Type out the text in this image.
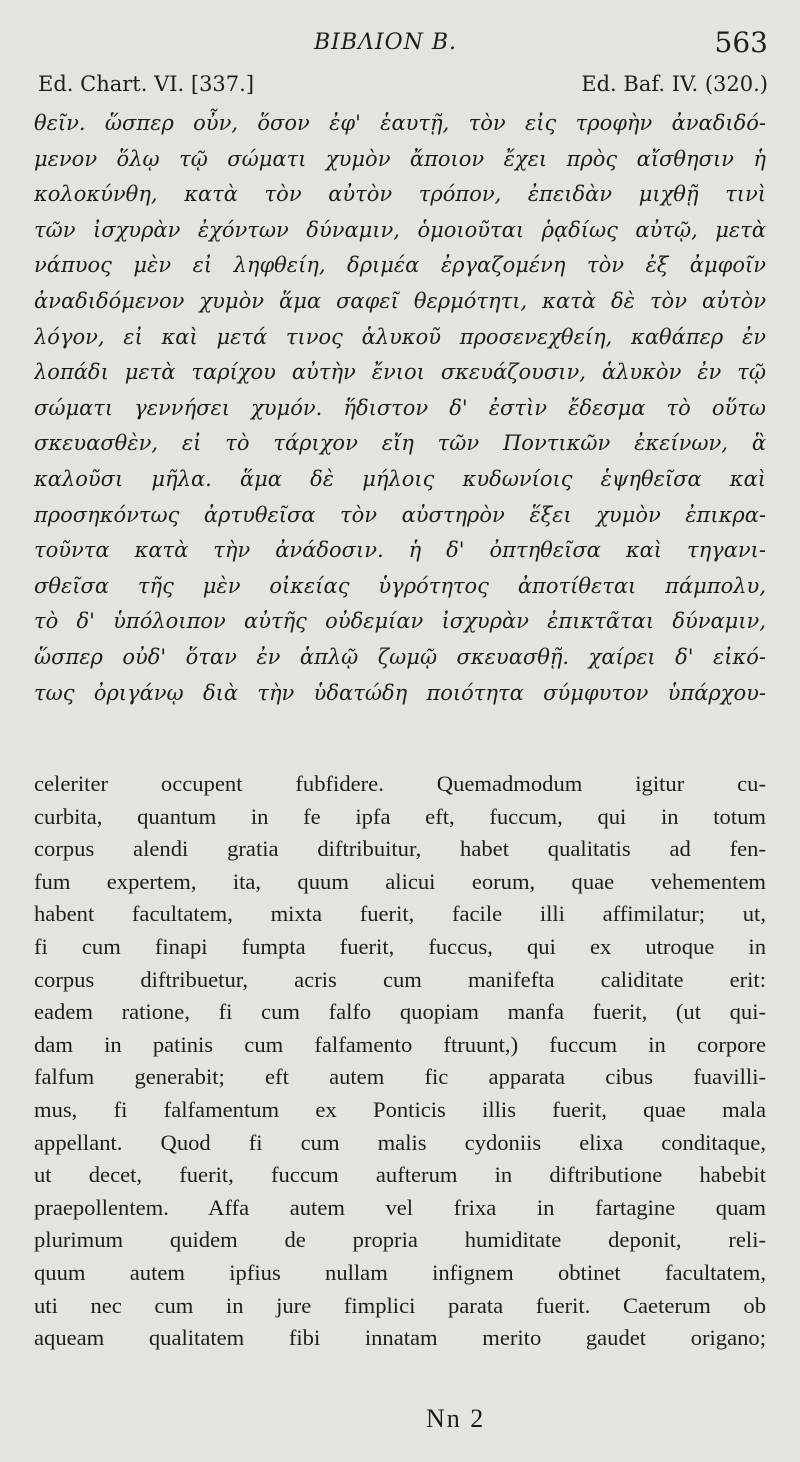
ΒΙΒΛΙΟΝ Β.	563
Ed. Chart. VI. [337.]	Ed. Baf. IV. (320.)
θεῖν. ὥσπερ οὖν, ὅσον ἐφ' ἑαυτῇ, τὸν εἰς τροφὴν ἀναδιδό-
μενον ὅλῳ τῷ σώματι χυμὸν ἄποιον ἔχει πρὸς αἴσθησιν ἡ
κολοκύνθη, κατὰ τὸν αὐτὸν τρόπον, ἐπειδὰν μιχθῇ τινὶ
τῶν ἰσχυρὰν ἐχόντων δύναμιν, ὁμοιοῦται ῥᾳδίως αὐτῷ, μετὰ
νάπυος μὲν εἰ ληφθείη, δριμέα ἐργαζομένη τὸν ἐξ ἀμφοῖν
ἀναδιδόμενον χυμὸν ἅμα σαφεῖ θερμότητι, κατὰ δὲ τὸν αὐτὸν
λόγον, εἰ καὶ μετά τινος ἁλυκοῦ προσενεχθείη, καθάπερ ἐν
λοπάδι μετὰ ταρίχου αὐτὴν ἔνιοι σκευάζουσιν, ἁλυκὸν ἐν τῷ
σώματι γεννήσει χυμόν. ἥδιστον δ' ἐστὶν ἔδεσμα τὸ οὕτω
σκευασθὲν, εἰ τὸ τάριχον εἴη τῶν Ποντικῶν ἐκείνων, ἃ
καλοῦσι μῆλα. ἅμα δὲ μήλοις κυδωνίοις ἑψηθεῖσα καὶ
προσηκόντως ἀρτυθεῖσα τὸν αὐστηρὸν ἕξει χυμὸν ἐπικρα-
τοῦντα κατὰ τὴν ἀνάδοσιν. ἡ δ' ὀπτηθεῖσα καὶ τηγανι-
σθεῖσα τῆς μὲν οἰκείας ὑγρότητος ἀποτίθεται πάμπολυ,
τὸ δ' ὑπόλοιπον αὐτῆς οὐδεμίαν ἰσχυρὰν ἐπικτᾶται δύναμιν,
ὥσπερ οὐδ' ὅταν ἐν ἁπλῷ ζωμῷ σκευασθῇ. χαίρει δ' εἰκό-
τως ὀριγάνῳ διὰ τὴν ὑδατώδη ποιότητα σύμφυτον ὑπάρχου-
celeriter occupent fubfidere. Quemadmodum igitur cu-
curbita, quantum in fe ipfa eft, fuccum, qui in totum
corpus alendi gratia diftribuitur, habet qualitatis ad fen-
fum expertem, ita, quum alicui eorum, quae vehementem
habent facultatem, mixta fuerit, facile illi affimilatur; ut,
fi cum finapi fumpta fuerit, fuccus, qui ex utroque in
corpus diftribuetur, acris cum manifefta caliditate erit:
eadem ratione, fi cum falfo quopiam manfa fuerit, (ut qui-
dam in patinis cum falfamento ftruunt,) fuccum in corpore
falfum generabit; eft autem fic apparata cibus fuavilli-
mus, fi falfamentum ex Ponticis illis fuerit, quae mala
appellant. Quod fi cum malis cydoniis elixa conditaque,
ut decet, fuerit, fuccum aufterum in diftributione habebit
praepollentem. Affa autem vel frixa in fartagine quam
plurimum quidem de propria humiditate deponit, reli-
quum autem ipfius nullam infignem obtinet facultatem,
uti nec cum in jure fimplici parata fuerit. Caeterum ob
aqueam qualitatem fibi innatam merito gaudet origano;
Nn 2
